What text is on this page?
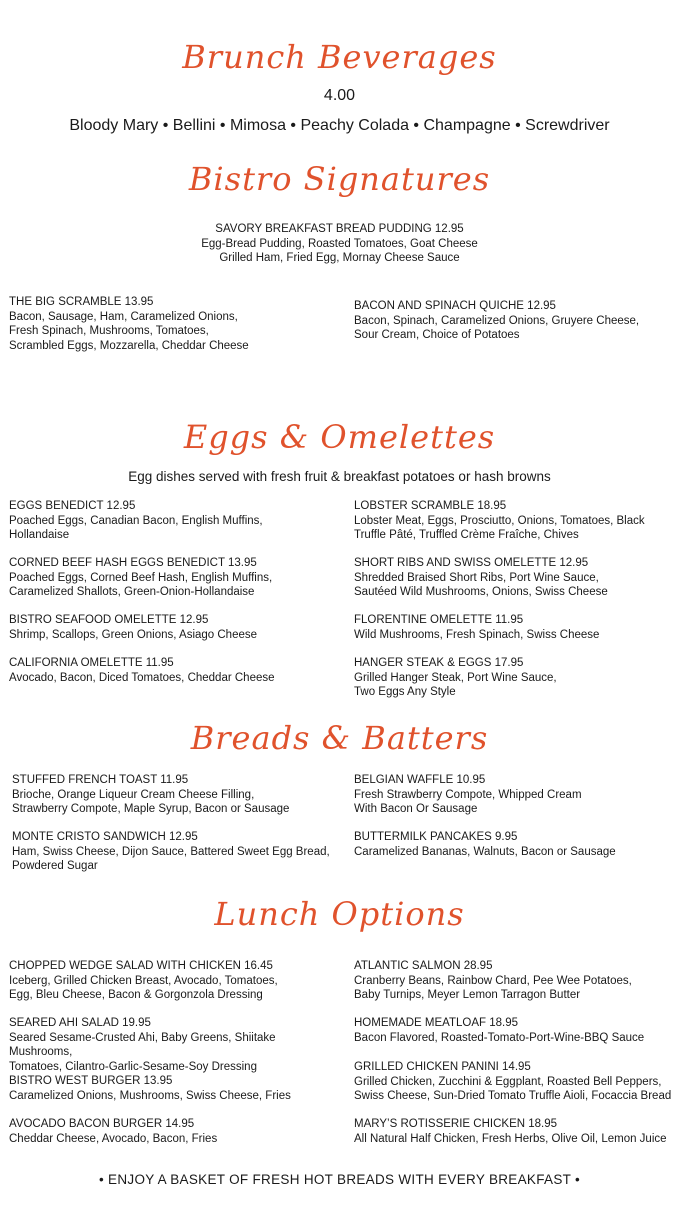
Brunch Beverages
4.00
Bloody Mary • Bellini • Mimosa • Peachy Colada • Champagne • Screwdriver
Bistro Signatures
SAVORY BREAKFAST BREAD PUDDING 12.95
Egg-Bread Pudding, Roasted Tomatoes, Goat Cheese
Grilled Ham, Fried Egg, Mornay Cheese Sauce
THE BIG SCRAMBLE 13.95
Bacon, Sausage, Ham, Caramelized Onions,
Fresh Spinach, Mushrooms, Tomatoes,
Scrambled Eggs, Mozzarella, Cheddar Cheese
BACON AND SPINACH QUICHE 12.95
Bacon, Spinach, Caramelized Onions, Gruyere Cheese,
Sour Cream, Choice of Potatoes
Eggs & Omelettes
Egg dishes served with fresh fruit & breakfast potatoes or hash browns
EGGS BENEDICT 12.95
Poached Eggs, Canadian Bacon, English Muffins,
Hollandaise
LOBSTER SCRAMBLE 18.95
Lobster Meat, Eggs, Prosciutto, Onions, Tomatoes, Black
Truffle Pâté, Truffled Crème Fraîche, Chives
CORNED BEEF HASH EGGS BENEDICT 13.95
Poached Eggs, Corned Beef Hash, English Muffins,
Caramelized Shallots, Green-Onion-Hollandaise
SHORT RIBS AND SWISS OMELETTE 12.95
Shredded Braised Short Ribs, Port Wine Sauce,
Sautéed Wild Mushrooms, Onions, Swiss Cheese
BISTRO SEAFOOD OMELETTE 12.95
Shrimp, Scallops, Green Onions, Asiago Cheese
FLORENTINE OMELETTE 11.95
Wild Mushrooms, Fresh Spinach, Swiss Cheese
CALIFORNIA OMELETTE 11.95
Avocado, Bacon, Diced Tomatoes, Cheddar Cheese
HANGER STEAK & EGGS 17.95
Grilled Hanger Steak, Port Wine Sauce,
Two Eggs Any Style
Breads & Batters
STUFFED FRENCH TOAST 11.95
Brioche, Orange Liqueur Cream Cheese Filling,
Strawberry Compote, Maple Syrup, Bacon or Sausage
BELGIAN WAFFLE 10.95
Fresh Strawberry Compote, Whipped Cream
With Bacon Or Sausage
MONTE CRISTO SANDWICH 12.95
Ham, Swiss Cheese, Dijon Sauce, Battered Sweet Egg Bread,
Powdered Sugar
BUTTERMILK PANCAKES 9.95
Caramelized Bananas, Walnuts, Bacon or Sausage
Lunch Options
CHOPPED WEDGE SALAD WITH CHICKEN 16.45
Iceberg, Grilled Chicken Breast, Avocado, Tomatoes,
Egg, Bleu Cheese, Bacon & Gorgonzola Dressing
ATLANTIC SALMON 28.95
Cranberry Beans, Rainbow Chard, Pee Wee Potatoes,
Baby Turnips, Meyer Lemon Tarragon Butter
SEARED AHI SALAD 19.95
Seared Sesame-Crusted Ahi, Baby Greens, Shiitake Mushrooms,
Tomatoes, Cilantro-Garlic-Sesame-Soy Dressing
HOMEMADE MEATLOAF 18.95
Bacon Flavored, Roasted-Tomato-Port-Wine-BBQ Sauce
BISTRO WEST BURGER 13.95
Caramelized Onions, Mushrooms, Swiss Cheese, Fries
GRILLED CHICKEN PANINI 14.95
Grilled Chicken, Zucchini & Eggplant, Roasted Bell Peppers,
Swiss Cheese, Sun-Dried Tomato Truffle Aioli, Focaccia Bread
AVOCADO BACON BURGER 14.95
Cheddar Cheese, Avocado, Bacon, Fries
MARY’S ROTISSERIE CHICKEN 18.95
All Natural Half Chicken, Fresh Herbs, Olive Oil, Lemon Juice
• ENJOY A BASKET OF FRESH HOT BREADS WITH EVERY BREAKFAST •
